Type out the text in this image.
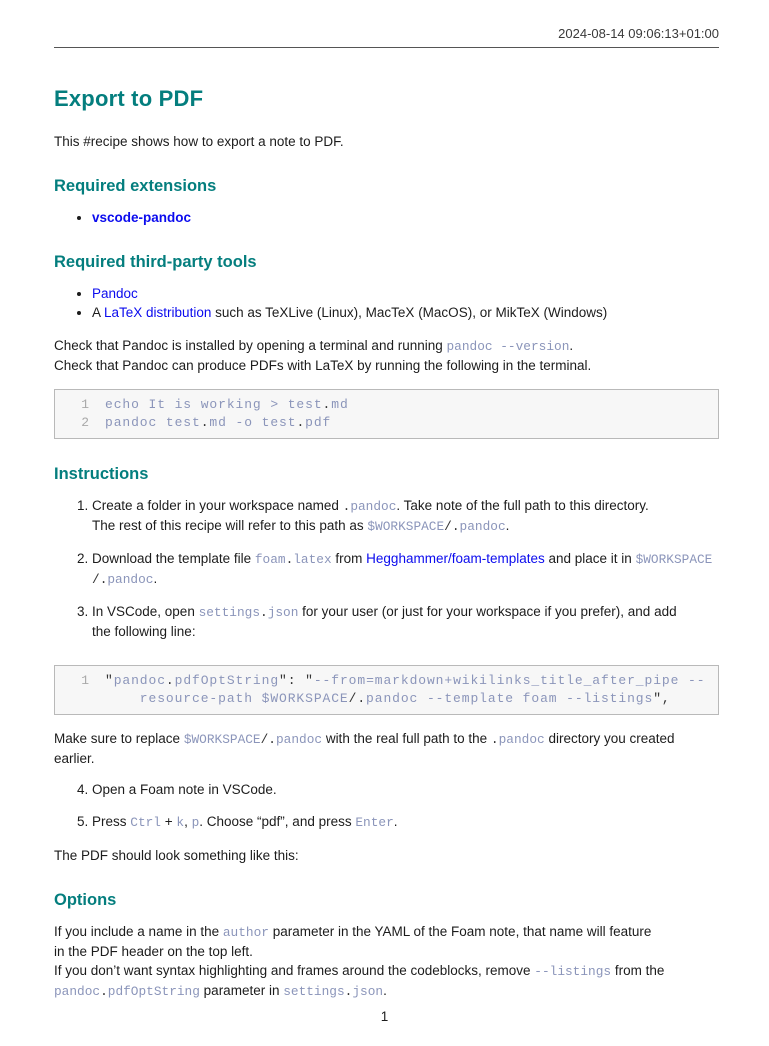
2024-08-14 09:06:13+01:00
Export to PDF

This #recipe shows how to export a note to PDF.

Required extensions
• vscode-pandoc
Required third-party tools
• Pandoc
• A LaTeX distribution such as TeXLive (Linux), MacTeX (MacOS), or MikTeX (Windows)

Check that Pandoc is installed by opening a terminal and running pandoc --version.
Check that Pandoc can produce PDFs with LaTeX by running the following in the terminal.

1 echo It is working > test.md
2 pandoc test.md -o test.pdf
Instructions
1. Create a folder in your workspace named .pandoc. Take note of the full path to this directory.
The rest of this recipe will refer to this path as $WORKSPACE/.pandoc.
2. Download the template file foam.latex from Hegghammer/foam-templates and place it in $WORKSPACE
/.pandoc.
3. In VSCode, open settings.json for your user (or just for your workspace if you prefer), and add
the following line:
1 "pandoc.pdfOptString": "--from=markdown+wikilinks_title_after_pipe --
resource-path $WORKSPACE/.pandoc --template foam --listings",

Make sure to replace $WORKSPACE/.pandoc with the real full path to the .pandoc directory you created
earlier.

4. Open a Foam note in VSCode.
5. Press Ctrl + k, p. Choose “pdf”, and press Enter.

The PDF should look something like this:

Options

If you include a name in the author parameter in the YAML of the Foam note, that name will feature
in the PDF header on the top left.
If you don’t want syntax highlighting and frames around the codeblocks, remove --listings from the
pandoc.pdfOptString parameter in settings.json.

1
